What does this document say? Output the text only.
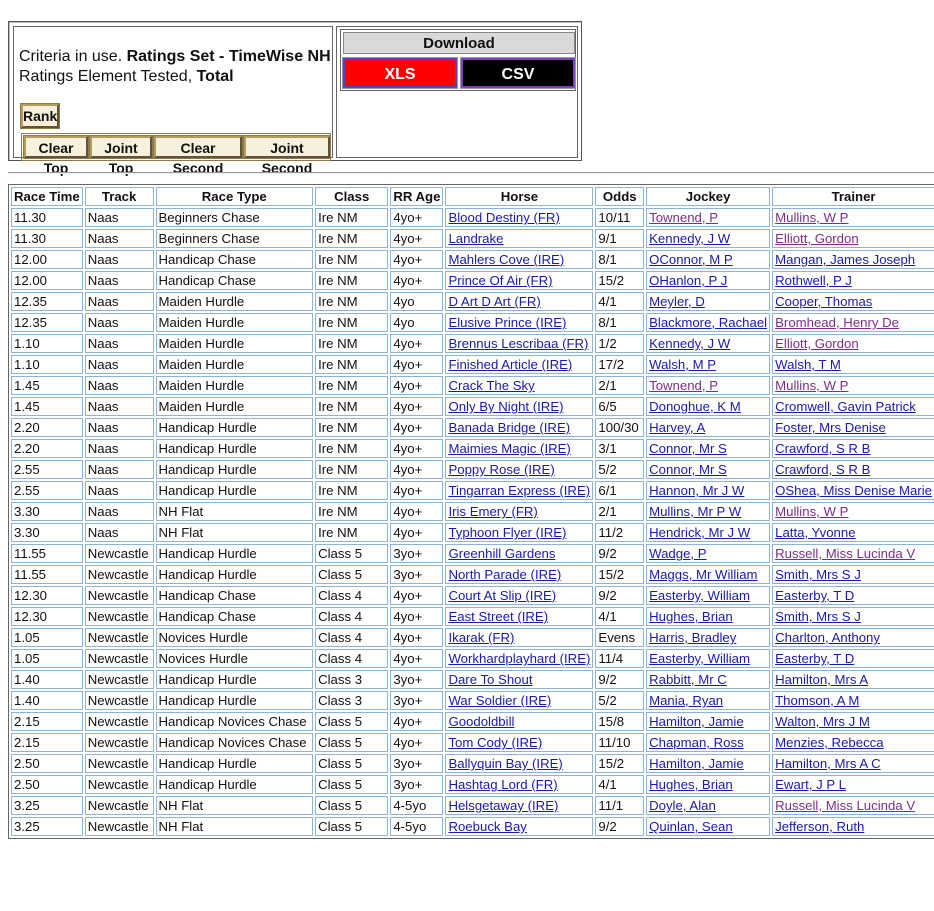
Criteria in use. Ratings Set - TimeWise NH
Ratings Element Tested, Total
Rank
Clear Top
Joint Top
Clear Second
Joint Second
Download
XLS	CSV
Race Time	Track	Race Type	Class	RR Age	Horse	Odds	Jockey	Trainer
11.30	Naas	Beginners Chase	Ire NM	4yo+	Blood Destiny (FR)	10/11	Townend, P	Mullins, W P
11.30	Naas	Beginners Chase	Ire NM	4yo+	Landrake	9/1	Kennedy, J W	Elliott, Gordon
12.00	Naas	Handicap Chase	Ire NM	4yo+	Mahlers Cove (IRE)	8/1	OConnor, M P	Mangan, James Joseph
12.00	Naas	Handicap Chase	Ire NM	4yo+	Prince Of Air (FR)	15/2	OHanlon, P J	Rothwell, P J
12.35	Naas	Maiden Hurdle	Ire NM	4yo	D Art D Art (FR)	4/1	Meyler, D	Cooper, Thomas
12.35	Naas	Maiden Hurdle	Ire NM	4yo	Elusive Prince (IRE)	8/1	Blackmore, Rachael	Bromhead, Henry De
1.10	Naas	Maiden Hurdle	Ire NM	4yo+	Brennus Lescribaa (FR)	1/2	Kennedy, J W	Elliott, Gordon
1.10	Naas	Maiden Hurdle	Ire NM	4yo+	Finished Article (IRE)	17/2	Walsh, M P	Walsh, T M
1.45	Naas	Maiden Hurdle	Ire NM	4yo+	Crack The Sky	2/1	Townend, P	Mullins, W P
1.45	Naas	Maiden Hurdle	Ire NM	4yo+	Only By Night (IRE)	6/5	Donoghue, K M	Cromwell, Gavin Patrick
2.20	Naas	Handicap Hurdle	Ire NM	4yo+	Banada Bridge (IRE)	100/30	Harvey, A	Foster, Mrs Denise
2.20	Naas	Handicap Hurdle	Ire NM	4yo+	Maimies Magic (IRE)	3/1	Connor, Mr S	Crawford, S R B
2.55	Naas	Handicap Hurdle	Ire NM	4yo+	Poppy Rose (IRE)	5/2	Connor, Mr S	Crawford, S R B
2.55	Naas	Handicap Hurdle	Ire NM	4yo+	Tingarran Express (IRE)	6/1	Hannon, Mr J W	OShea, Miss Denise Marie
3.30	Naas	NH Flat	Ire NM	4yo+	Iris Emery (FR)	2/1	Mullins, Mr P W	Mullins, W P
3.30	Naas	NH Flat	Ire NM	4yo+	Typhoon Flyer (IRE)	11/2	Hendrick, Mr J W	Latta, Yvonne
11.55	Newcastle	Handicap Hurdle	Class 5	3yo+	Greenhill Gardens	9/2	Wadge, P	Russell, Miss Lucinda V
11.55	Newcastle	Handicap Hurdle	Class 5	3yo+	North Parade (IRE)	15/2	Maggs, Mr William	Smith, Mrs S J
12.30	Newcastle	Handicap Chase	Class 4	4yo+	Court At Slip (IRE)	9/2	Easterby, William	Easterby, T D
12.30	Newcastle	Handicap Chase	Class 4	4yo+	East Street (IRE)	4/1	Hughes, Brian	Smith, Mrs S J
1.05	Newcastle	Novices Hurdle	Class 4	4yo+	Ikarak (FR)	Evens	Harris, Bradley	Charlton, Anthony
1.05	Newcastle	Novices Hurdle	Class 4	4yo+	Workhardplayhard (IRE)	11/4	Easterby, William	Easterby, T D
1.40	Newcastle	Handicap Hurdle	Class 3	3yo+	Dare To Shout	9/2	Rabbitt, Mr C	Hamilton, Mrs A
1.40	Newcastle	Handicap Hurdle	Class 3	3yo+	War Soldier (IRE)	5/2	Mania, Ryan	Thomson, A M
2.15	Newcastle	Handicap Novices Chase	Class 5	4yo+	Goodoldbill	15/8	Hamilton, Jamie	Walton, Mrs J M
2.15	Newcastle	Handicap Novices Chase	Class 5	4yo+	Tom Cody (IRE)	11/10	Chapman, Ross	Menzies, Rebecca
2.50	Newcastle	Handicap Hurdle	Class 5	3yo+	Ballyquin Bay (IRE)	15/2	Hamilton, Jamie	Hamilton, Mrs A C
2.50	Newcastle	Handicap Hurdle	Class 5	3yo+	Hashtag Lord (FR)	4/1	Hughes, Brian	Ewart, J P L
3.25	Newcastle	NH Flat	Class 5	4-5yo	Helsgetaway (IRE)	11/1	Doyle, Alan	Russell, Miss Lucinda V
3.25	Newcastle	NH Flat	Class 5	4-5yo	Roebuck Bay	9/2	Quinlan, Sean	Jefferson, Ruth
